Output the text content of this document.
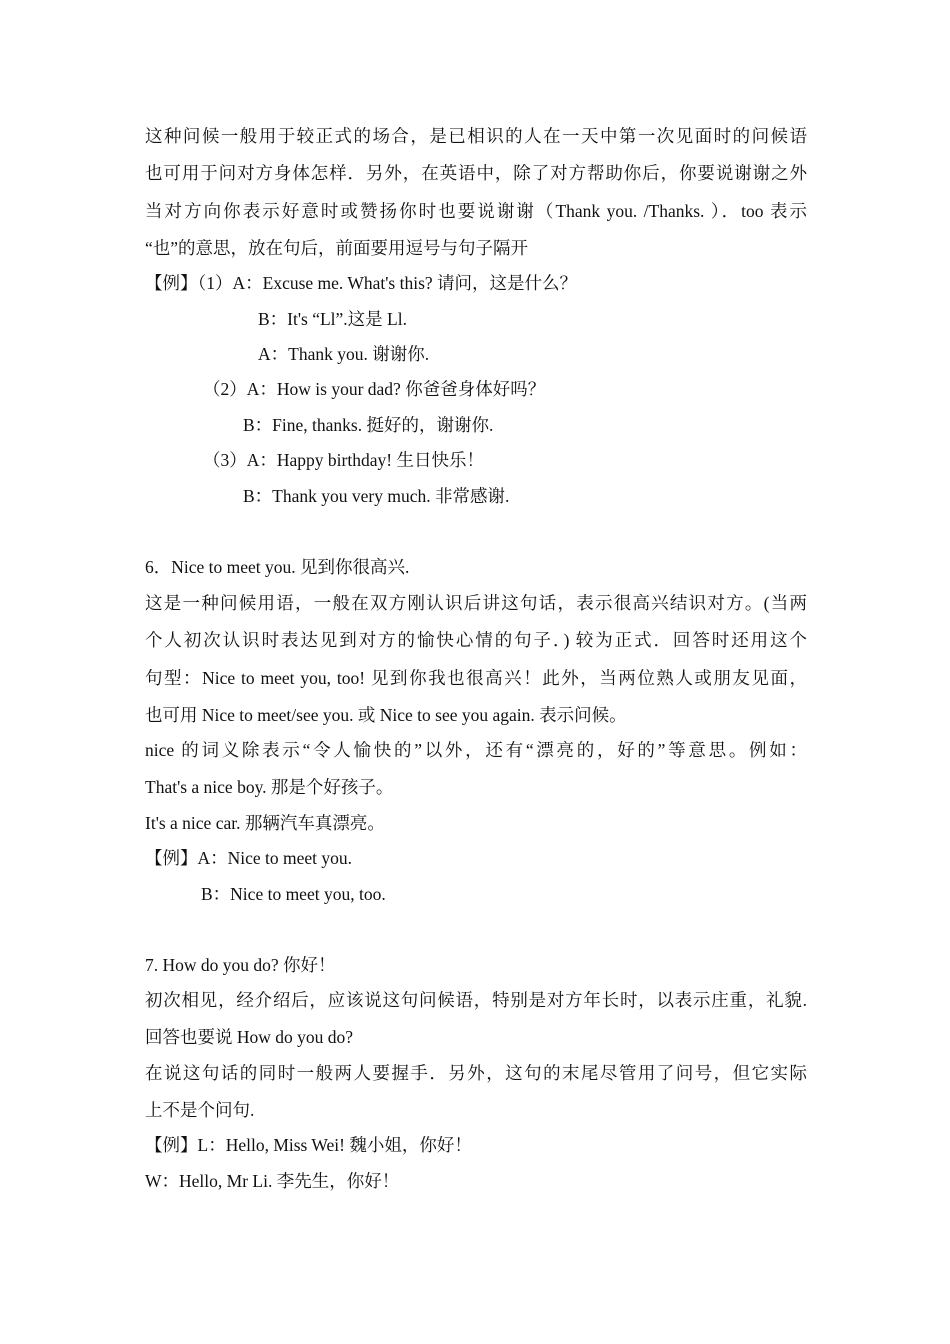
这种问候一般用于较正式的场合，是已相识的人在一天中第一次见面时的问候语
也可用于问对方身体怎样．另外，在英语中，除了对方帮助你后，你要说谢谢之外
当对方向你表示好意时或赞扬你时也要说谢谢（Thank you. /Thanks. ）．too 表示
“也”的意思，放在句后，前面要用逗号与句子隔开
【例】（1）A：Excuse me. What's this? 请问，这是什么？
B：It's “Ll”.这是 Ll.
A：Thank you. 谢谢你.
（2）A：How is your dad? 你爸爸身体好吗？
B：Fine, thanks. 挺好的，谢谢你.
（3）A：Happy birthday! 生日快乐！
B：Thank you very much. 非常感谢.
6．Nice to meet you. 见到你很高兴.
这是一种问候用语，一般在双方刚认识后讲这句话，表示很高兴结识对方。(当两
个人初次认识时表达见到对方的愉快心情的句子．) 较为正式．回答时还用这个
句型：Nice to meet you, too! 见到你我也很高兴！此外，当两位熟人或朋友见面，
也可用 Nice to meet/see you. 或 Nice to see you again. 表示问候。
nice 的词义除表示“令人愉快的”以外，还有“漂亮的，好的”等意思。例如：
That's a nice boy. 那是个好孩子。
It's a nice car. 那辆汽车真漂亮。
【例】A：Nice to meet you.
B：Nice to meet you, too.
7. How do you do? 你好！
初次相见，经介绍后，应该说这句问候语，特别是对方年长时，以表示庄重，礼貌.
回答也要说 How do you do?
在说这句话的同时一般两人要握手．另外，这句的末尾尽管用了问号，但它实际
上不是个问句.
【例】L：Hello, Miss Wei! 魏小姐，你好！
W：Hello, Mr Li. 李先生，你好！
